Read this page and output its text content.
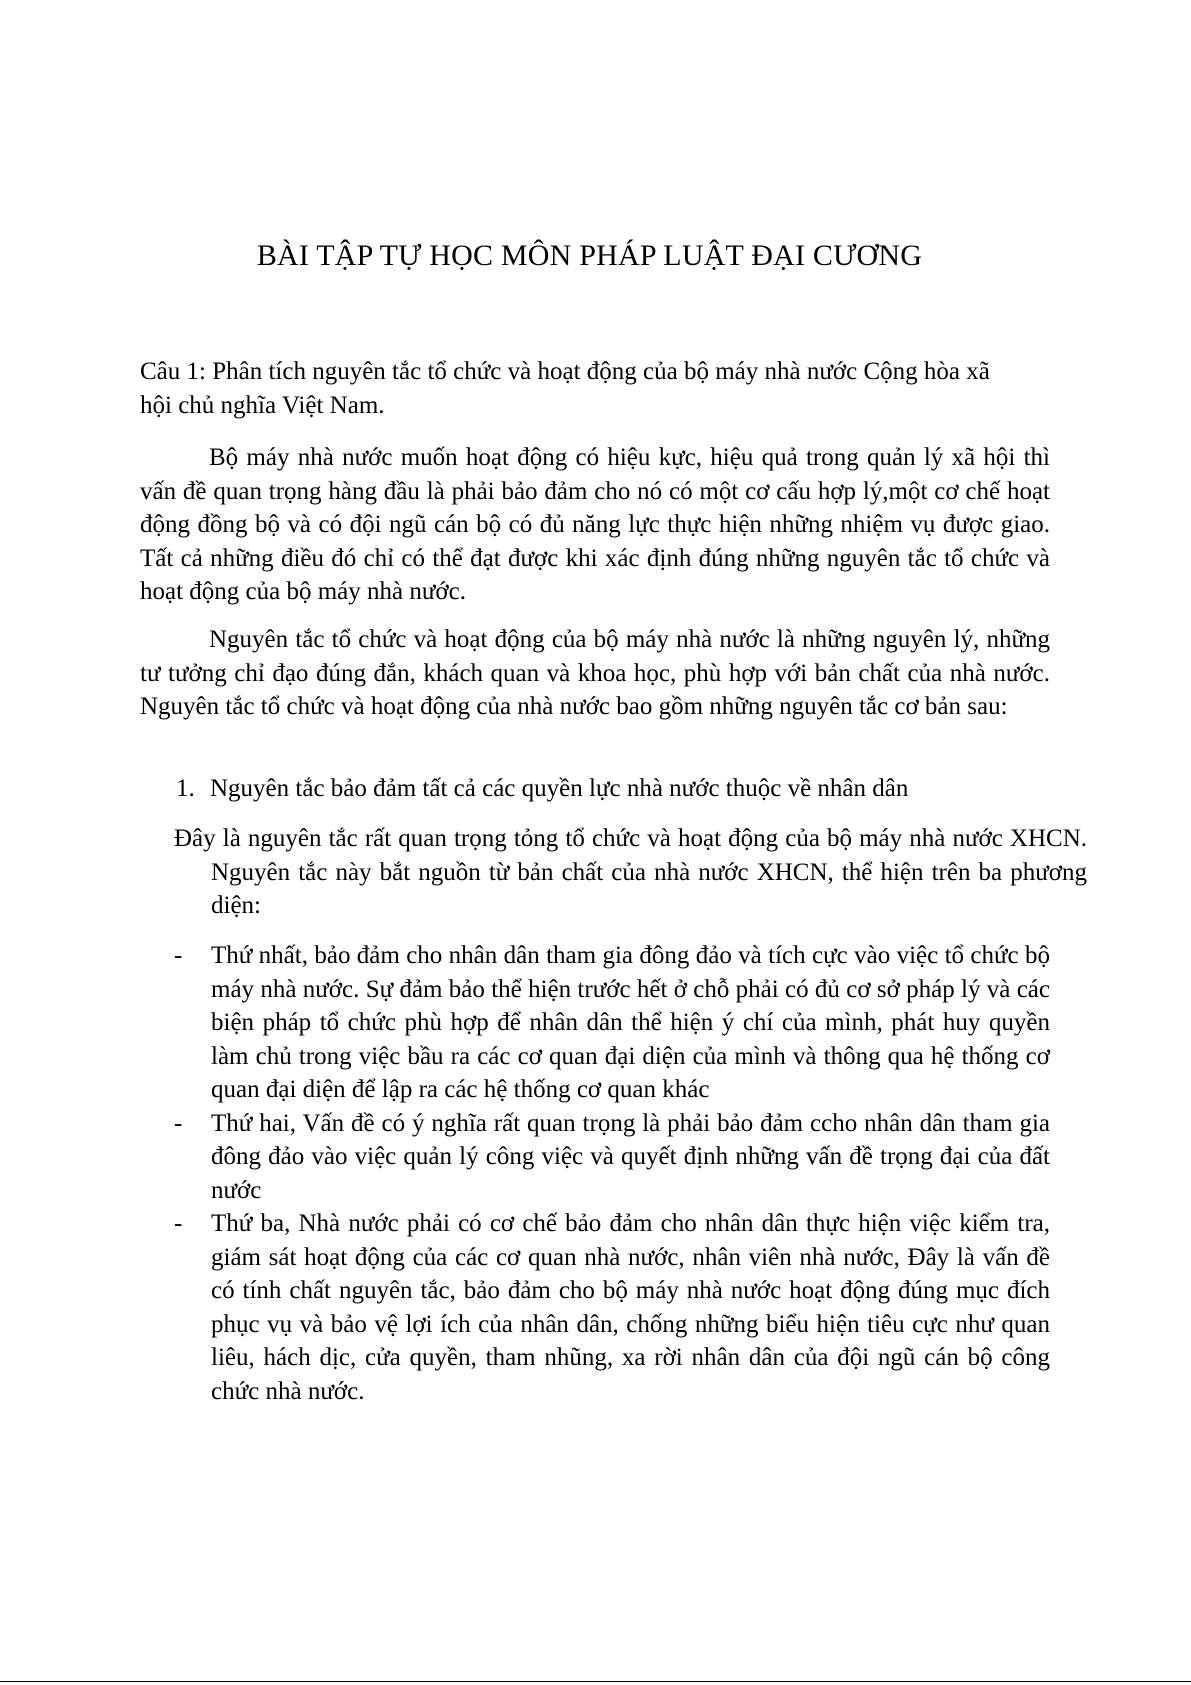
BÀI TẬP TỰ HỌC MÔN PHÁP LUẬT ĐẠI CƯƠNG

Câu 1: Phân tích nguyên tắc tổ chức và hoạt động của bộ máy nhà nước Cộng hòa xã hội chủ nghĩa Việt Nam.

Bộ máy nhà nước muốn hoạt động có hiệu kực, hiệu quả trong quản lý xã hội thì vấn đề quan trọng hàng đầu là phải bảo đảm cho nó có một cơ cấu hợp lý,một cơ chế hoạt động đồng bộ và có đội ngũ cán bộ có đủ năng lực thực hiện những nhiệm vụ được giao. Tất cả những điều đó chỉ có thể đạt được khi xác định đúng những nguyên tắc tổ chức và hoạt động của bộ máy nhà nước.

Nguyên tắc tổ chức và hoạt động của bộ máy nhà nước là những nguyên lý, những tư tưởng chỉ đạo đúng đắn, khách quan và khoa học, phù hợp với bản chất của nhà nước. Nguyên tắc tổ chức và hoạt động của nhà nước bao gồm những nguyên tắc cơ bản sau:

1. Nguyên tắc bảo đảm tất cả các quyền lực nhà nước thuộc về nhân dân

Đây là nguyên tắc rất quan trọng tỏng tổ chức và hoạt động của bộ máy nhà nước XHCN. Nguyên tắc này bắt nguồn từ bản chất của nhà nước XHCN, thể hiện trên ba phương diện:

- Thứ nhất, bảo đảm cho nhân dân tham gia đông đảo và tích cực vào việc tổ chức bộ máy nhà nước. Sự đảm bảo thể hiện trước hết ở chỗ phải có đủ cơ sở pháp lý và các biện pháp tổ chức phù hợp để nhân dân thể hiện ý chí của mình, phát huy quyền làm chủ trong việc bầu ra các cơ quan đại diện của mình và thông qua hệ thống cơ quan đại diện để lập ra các hệ thống cơ quan khác
- Thứ hai, Vấn đề có ý nghĩa rất quan trọng là phải bảo đảm ccho nhân dân tham gia đông đảo vào việc quản lý công việc và quyết định những vấn đề trọng đại của đất nước
- Thứ ba, Nhà nước phải có cơ chế bảo đảm cho nhân dân thực hiện việc kiểm tra, giám sát hoạt động của các cơ quan nhà nước, nhân viên nhà nước, Đây là vấn đề có tính chất nguyên tắc, bảo đảm cho bộ máy nhà nước hoạt động đúng mục đích phục vụ và bảo vệ lợi ích của nhân dân, chống những biểu hiện tiêu cực như quan liêu, hách dịc, cửa quyền, tham nhũng, xa rời nhân dân của đội ngũ cán bộ công chức nhà nước.
